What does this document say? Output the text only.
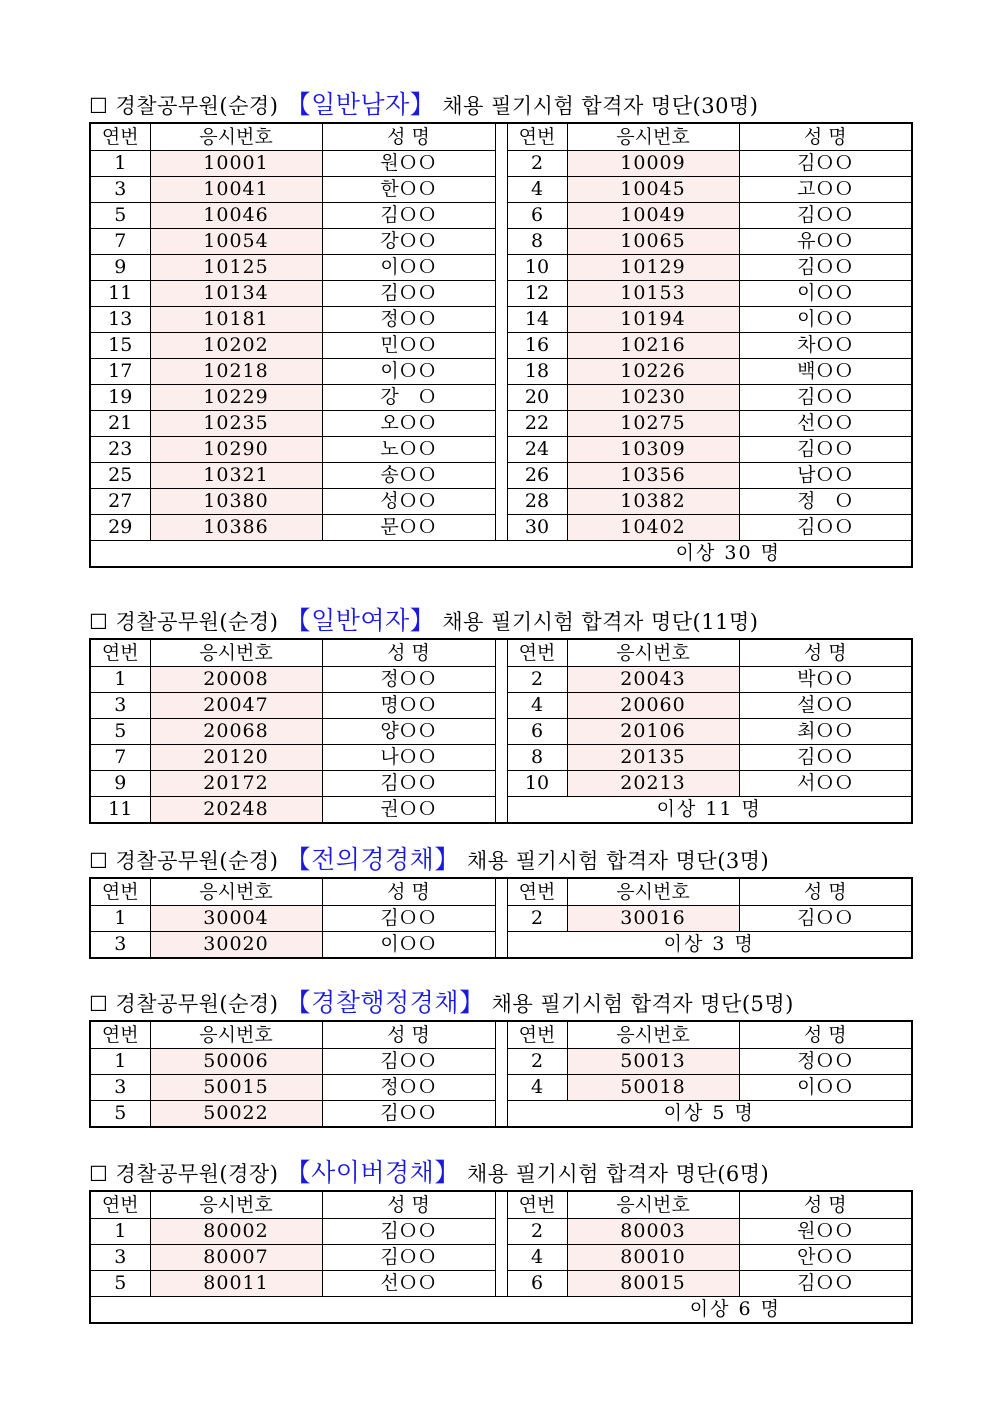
☐ 경찰공무원(순경) 【일반남자】 채용 필기시험 합격자 명단(30명)
연번	응시번호	성 명		연번	응시번호	성 명
1	10001	원ＯＯ		2	10009	김ＯＯ
3	10041	한ＯＯ		4	10045	고ＯＯ
5	10046	김ＯＯ		6	10049	김ＯＯ
7	10054	강ＯＯ		8	10065	유ＯＯ
9	10125	이ＯＯ		10	10129	김ＯＯ
11	10134	김ＯＯ		12	10153	이ＯＯ
13	10181	정ＯＯ		14	10194	이ＯＯ
15	10202	민ＯＯ		16	10216	차ＯＯ
17	10218	이ＯＯ		18	10226	백ＯＯ
19	10229	강　Ｏ		20	10230	김ＯＯ
21	10235	오ＯＯ		22	10275	선ＯＯ
23	10290	노ＯＯ		24	10309	김ＯＯ
25	10321	송ＯＯ		26	10356	남ＯＯ
27	10380	성ＯＯ		28	10382	정　Ｏ
29	10386	문ＯＯ		30	10402	김ＯＯ
이상 30 명						
☐ 경찰공무원(순경) 【일반여자】 채용 필기시험 합격자 명단(11명)
연번	응시번호	성 명		연번	응시번호	성 명
1	20008	정ＯＯ		2	20043	박ＯＯ
3	20047	명ＯＯ		4	20060	설ＯＯ
5	20068	양ＯＯ		6	20106	최ＯＯ
7	20120	나ＯＯ		8	20135	김ＯＯ
9	20172	김ＯＯ		10	20213	서ＯＯ
11	20248	권ＯＯ		이상 11 명		
☐ 경찰공무원(순경) 【전의경경채】 채용 필기시험 합격자 명단(3명)
연번	응시번호	성 명		연번	응시번호	성 명
1	30004	김ＯＯ		2	30016	김ＯＯ
3	30020	이ＯＯ		이상 3 명		
☐ 경찰공무원(순경) 【경찰행정경채】 채용 필기시험 합격자 명단(5명)
연번	응시번호	성 명		연번	응시번호	성 명
1	50006	김ＯＯ		2	50013	정ＯＯ
3	50015	정ＯＯ		4	50018	이ＯＯ
5	50022	김ＯＯ		이상 5 명		
☐ 경찰공무원(경장) 【사이버경채】 채용 필기시험 합격자 명단(6명)
연번	응시번호	성 명		연번	응시번호	성 명
1	80002	김ＯＯ		2	80003	원ＯＯ
3	80007	김ＯＯ		4	80010	안ＯＯ
5	80011	선ＯＯ		6	80015	김ＯＯ
이상 6 명						
